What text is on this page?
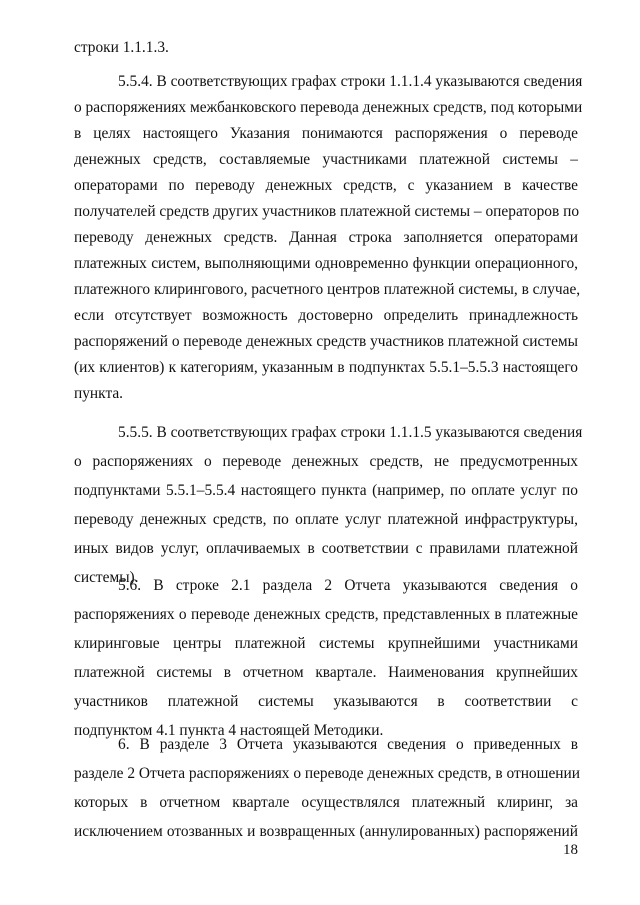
строки 1.1.1.3.
5.5.4. В соответствующих графах строки 1.1.1.4 указываются сведения
о распоряжениях межбанковского перевода денежных средств, под которыми
в целях настоящего Указания понимаются распоряжения о переводе
денежных средств, составляемые участниками платежной системы –
операторами по переводу денежных средств, с указанием в качестве
получателей средств других участников платежной системы – операторов по
переводу денежных средств. Данная строка заполняется операторами
платежных систем, выполняющими одновременно функции операционного,
платежного клирингового, расчетного центров платежной системы, в случае,
если отсутствует возможность достоверно определить принадлежность
распоряжений о переводе денежных средств участников платежной системы
(их клиентов) к категориям, указанным в подпунктах 5.5.1–5.5.3 настоящего
пункта.
5.5.5. В соответствующих графах строки 1.1.1.5 указываются сведения
о распоряжениях о переводе денежных средств, не предусмотренных
подпунктами 5.5.1–5.5.4 настоящего пункта (например, по оплате услуг по
переводу денежных средств, по оплате услуг платежной инфраструктуры,
иных видов услуг, оплачиваемых в соответствии с правилами платежной
системы).
5.6. В строке 2.1 раздела 2 Отчета указываются сведения о
распоряжениях о переводе денежных средств, представленных в платежные
клиринговые центры платежной системы крупнейшими участниками
платежной системы в отчетном квартале. Наименования крупнейших
участников платежной системы указываются в соответствии с
подпунктом 4.1 пункта 4 настоящей Методики.
18
6. В разделе 3 Отчета указываются сведения о приведенных в
разделе 2 Отчета распоряжениях о переводе денежных средств, в отношении
которых в отчетном квартале осуществлялся платежный клиринг, за
исключением отозванных и возвращенных (аннулированных) распоряжений
